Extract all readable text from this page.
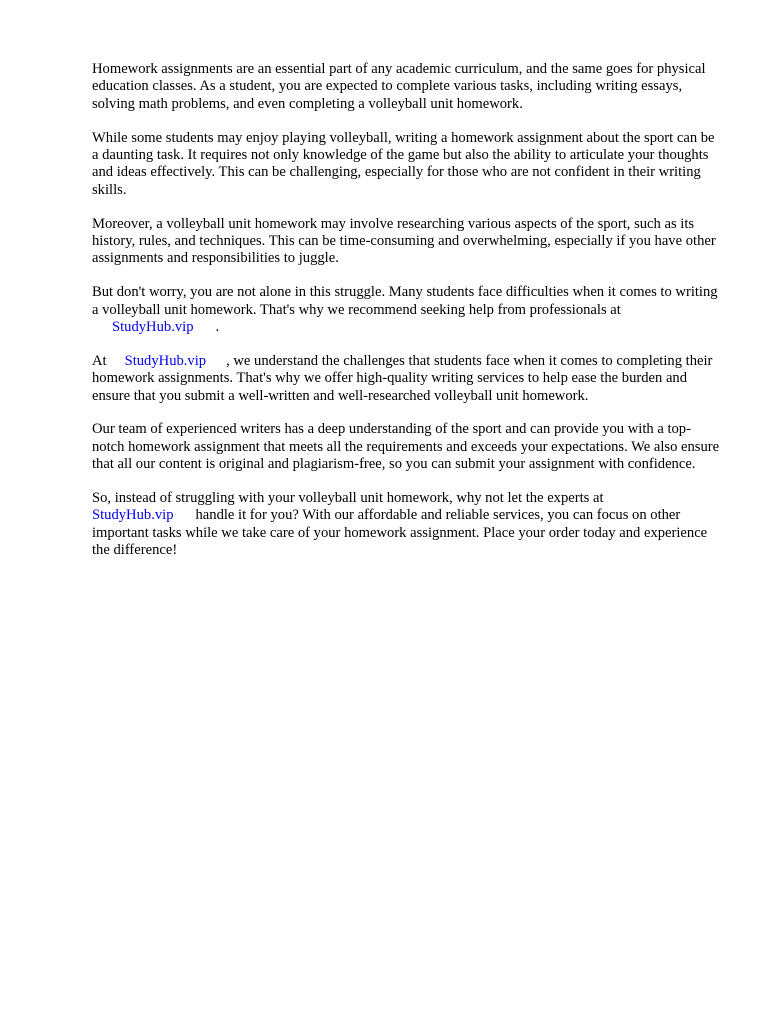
Homework assignments are an essential part of any academic curriculum, and the same goes for physical education classes. As a student, you are expected to complete various tasks, including writing essays, solving math problems, and even completing a volleyball unit homework.

While some students may enjoy playing volleyball, writing a homework assignment about the sport can be a daunting task. It requires not only knowledge of the game but also the ability to articulate your thoughts and ideas effectively. This can be challenging, especially for those who are not confident in their writing skills.

Moreover, a volleyball unit homework may involve researching various aspects of the sport, such as its history, rules, and techniques. This can be time-consuming and overwhelming, especially if you have other assignments and responsibilities to juggle.

But don't worry, you are not alone in this struggle. Many students face difficulties when it comes to writing a volleyball unit homework. That's why we recommend seeking help from professionals at
StudyHub.vip .

At StudyHub.vip , we understand the challenges that students face when it comes to completing their homework assignments. That's why we offer high-quality writing services to help ease the burden and ensure that you submit a well-written and well-researched volleyball unit homework.

Our team of experienced writers has a deep understanding of the sport and can provide you with a top-notch homework assignment that meets all the requirements and exceeds your expectations. We also ensure that all our content is original and plagiarism-free, so you can submit your assignment with confidence.

So, instead of struggling with your volleyball unit homework, why not let the experts at
StudyHub.vip handle it for you? With our affordable and reliable services, you can focus on other important tasks while we take care of your homework assignment. Place your order today and experience the difference!
